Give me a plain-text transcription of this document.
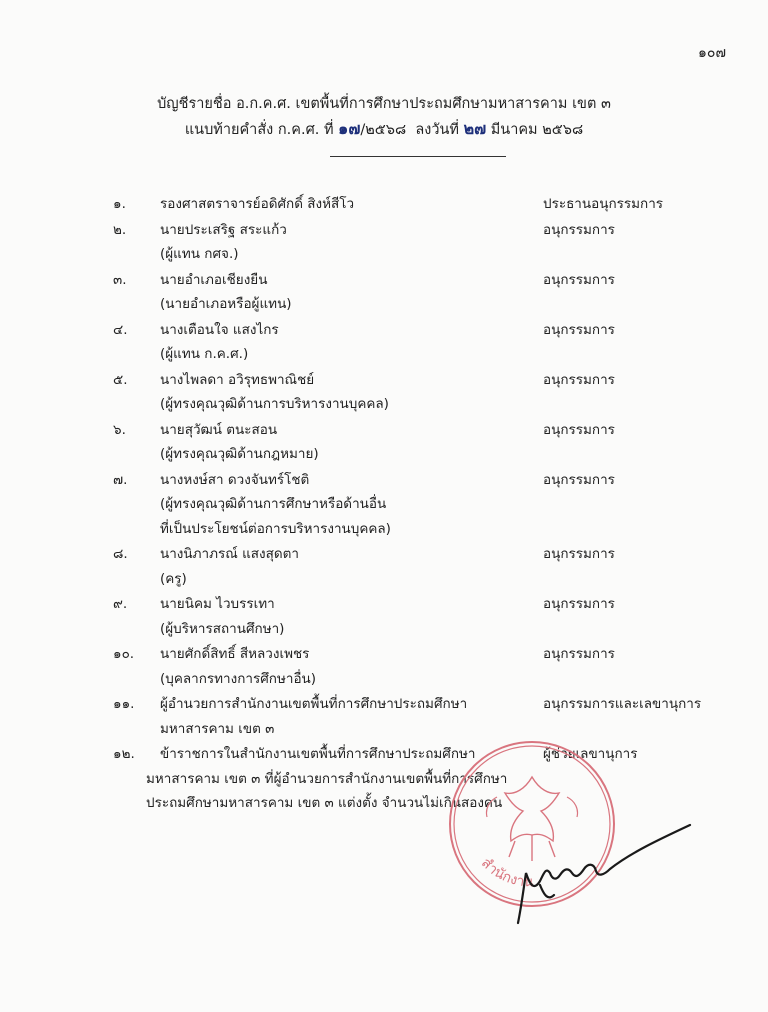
๑๐๗
บัญชีรายชื่อ อ.ก.ค.ศ. เขตพื้นที่การศึกษาประถมศึกษามหาสารคาม เขต ๓
แนบท้ายคำสั่ง ก.ค.ศ. ที่ ๑๗/๒๕๖๘ ลงวันที่ ๒๗ มีนาคม ๒๕๖๘
๑.	รองศาสตราจารย์อดิศักดิ์ สิงห์สีโว	ประธานอนุกรรมการ
๒.	นายประเสริฐ สระแก้ว	อนุกรรมการ
(ผู้แทน กศจ.)
๓.	นายอำเภอเชียงยืน	อนุกรรมการ
(นายอำเภอหรือผู้แทน)
๔.	นางเตือนใจ แสงไกร	อนุกรรมการ
(ผู้แทน ก.ค.ศ.)
๕.	นางไพลดา อวิรุทธพาณิชย์	อนุกรรมการ
(ผู้ทรงคุณวุฒิด้านการบริหารงานบุคคล)
๖.	นายสุวัฒน์ ตนะสอน	อนุกรรมการ
(ผู้ทรงคุณวุฒิด้านกฎหมาย)
๗.	นางหงษ์สา ดวงจันทร์โชติ	อนุกรรมการ
(ผู้ทรงคุณวุฒิด้านการศึกษาหรือด้านอื่น
ที่เป็นประโยชน์ต่อการบริหารงานบุคคล)
๘.	นางนิภาภรณ์ แสงสุดตา	อนุกรรมการ
(ครู)
๙.	นายนิคม ไวบรรเทา	อนุกรรมการ
(ผู้บริหารสถานศึกษา)
๑๐.	นายศักดิ์สิทธิ์ สีหลวงเพชร	อนุกรรมการ
(บุคลากรทางการศึกษาอื่น)
๑๑.	ผู้อำนวยการสำนักงานเขตพื้นที่การศึกษาประถมศึกษา	อนุกรรมการและเลขานุการ
มหาสารคาม เขต ๓
๑๒.	ข้าราชการในสำนักงานเขตพื้นที่การศึกษาประถมศึกษา	ผู้ช่วยเลขานุการ
มหาสารคาม เขต ๓ ที่ผู้อำนวยการสำนักงานเขตพื้นที่การศึกษา
ประถมศึกษามหาสารคาม เขต ๓ แต่งตั้ง จำนวนไม่เกินสองคน
สำนักงาน
